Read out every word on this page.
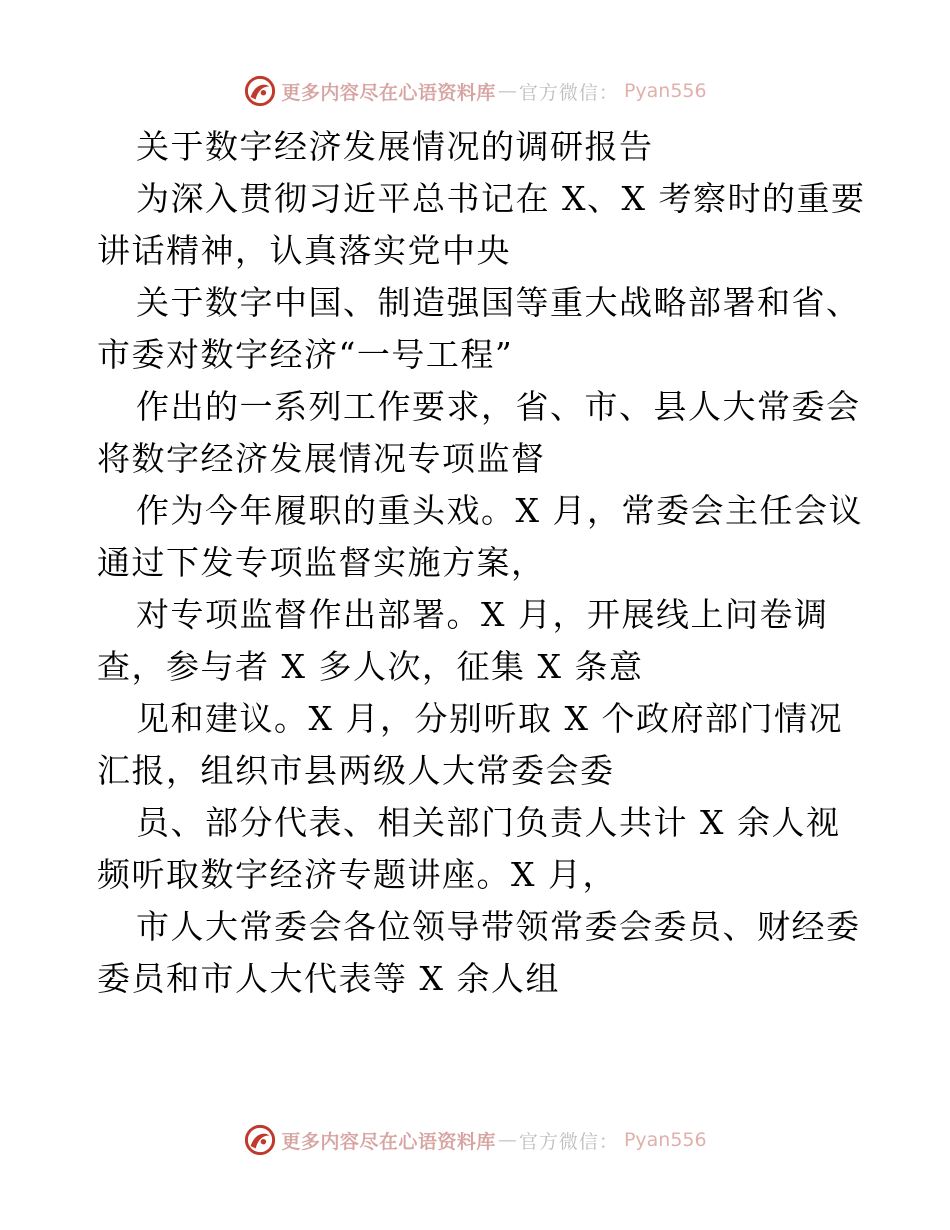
更多内容尽在心语资料库 — 官方微信 ： Pyan556
关于数字经济发展情况的调研报告
为深入贯彻习近平总书记在 X、X 考察时的重要
讲话精神，认真落实党中央
关于数字中国、制造强国等重大战略部署和省、
市委对数字经济“一号工程”
作出的一系列工作要求，省、市、县人大常委会
将数字经济发展情况专项监督
作为今年履职的重头戏。X 月，常委会主任会议
通过下发专项监督实施方案，
对专项监督作出部署。X 月，开展线上问卷调
查，参与者 X 多人次，征集 X 条意
见和建议。X 月，分别听取 X 个政府部门情况
汇报，组织市县两级人大常委会委
员、部分代表、相关部门负责人共计 X 余人视
频听取数字经济专题讲座。X 月，
市人大常委会各位领导带领常委会委员、财经委
委员和市人大代表等 X 余人组
更多内容尽在心语资料库 — 官方微信 ： Pyan556
